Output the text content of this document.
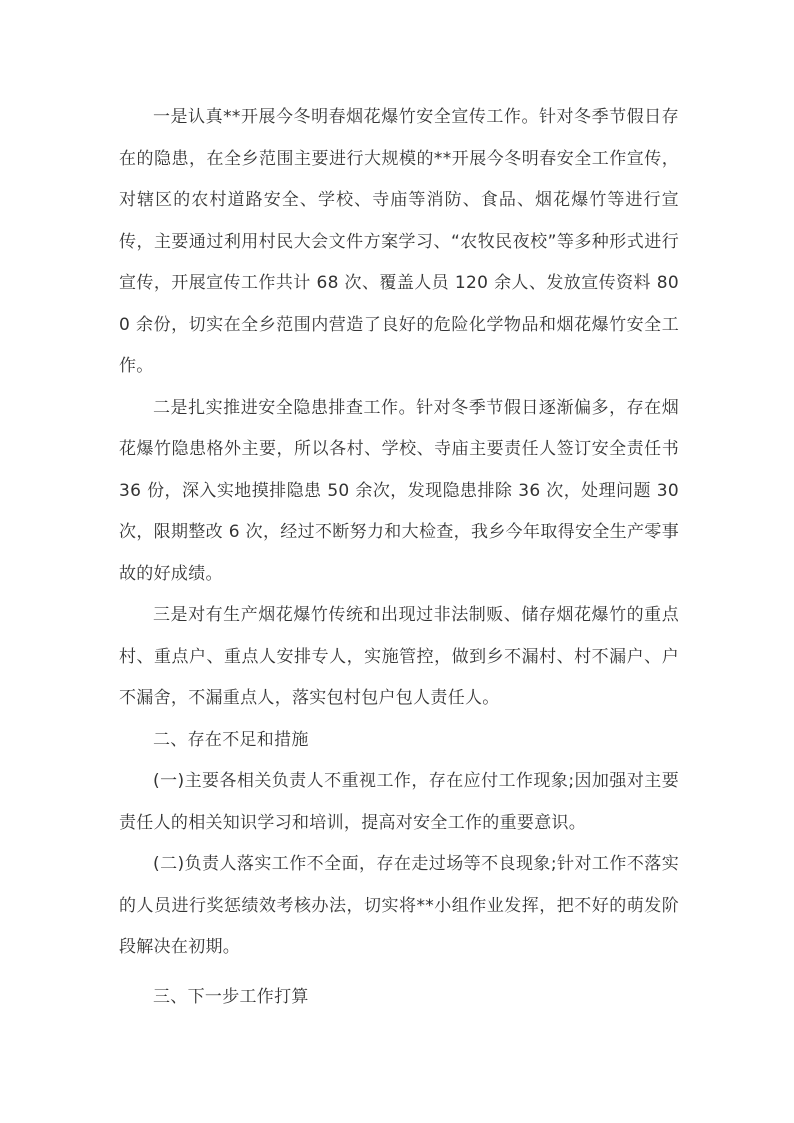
一是认真**开展今冬明春烟花爆竹安全宣传工作。针对冬季节假日存在的隐患，在全乡范围主要进行大规模的**开展今冬明春安全工作宣传，对辖区的农村道路安全、学校、寺庙等消防、食品、烟花爆竹等进行宣传，主要通过利用村民大会文件方案学习、“农牧民夜校”等多种形式进行宣传，开展宣传工作共计 68 次、覆盖人员 120 余人、发放宣传资料 800 余份，切实在全乡范围内营造了良好的危险化学物品和烟花爆竹安全工作。

二是扎实推进安全隐患排查工作。针对冬季节假日逐渐偏多，存在烟花爆竹隐患格外主要，所以各村、学校、寺庙主要责任人签订安全责任书 36 份，深入实地摸排隐患 50 余次，发现隐患排除 36 次，处理问题 30 次，限期整改 6 次，经过不断努力和大检查，我乡今年取得安全生产零事故的好成绩。

三是对有生产烟花爆竹传统和出现过非法制贩、储存烟花爆竹的重点村、重点户、重点人安排专人，实施管控，做到乡不漏村、村不漏户、户不漏舍，不漏重点人，落实包村包户包人责任人。

二、存在不足和措施

(一)主要各相关负责人不重视工作，存在应付工作现象;因加强对主要责任人的相关知识学习和培训，提高对安全工作的重要意识。

(二)负责人落实工作不全面，存在走过场等不良现象;针对工作不落实的人员进行奖惩绩效考核办法，切实将**小组作业发挥，把不好的萌发阶段解决在初期。

三、下一步工作打算
